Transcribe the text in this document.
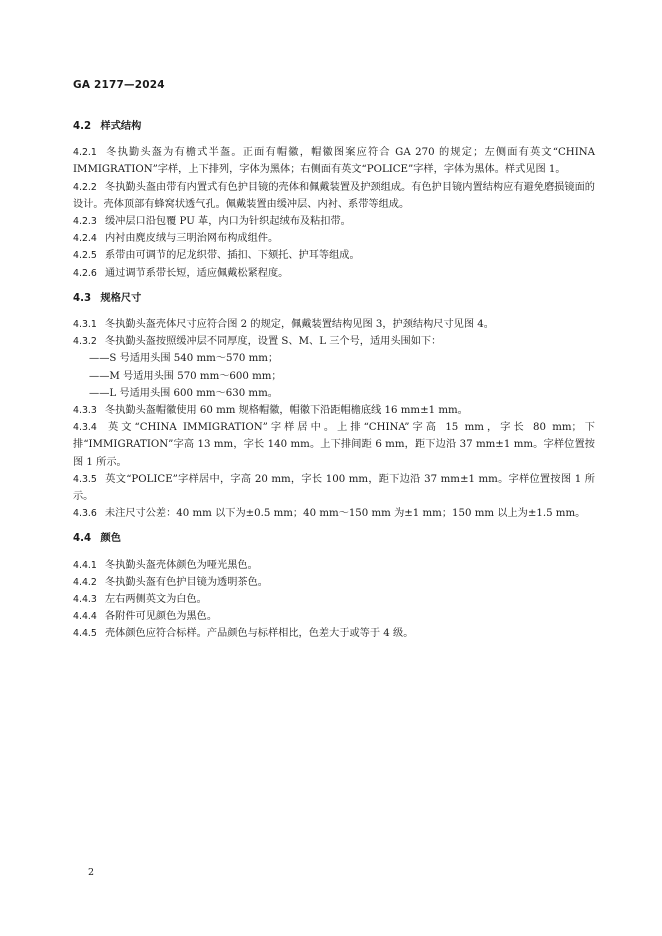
GA 2177—2024
4.2 样式结构

4.2.1 冬执勤头盔为有檐式半盔。正面有帽徽，帽徽图案应符合 GA 270 的规定；左侧面有英文“CHINA IMMIGRATION”字样，上下排列，字体为黑体；右侧面有英文“POLICE”字样，字体为黑体。样式见图 1。

4.2.2 冬执勤头盔由带有内置式有色护目镜的壳体和佩戴装置及护颈组成。有色护目镜内置结构应有避免磨损镜面的设计。壳体顶部有蜂窝状透气孔。佩戴装置由缓冲层、内衬、系带等组成。

4.2.3 缓冲层口沿包覆 PU 革，内口为针织起绒布及粘扣带。

4.2.4 内衬由麂皮绒与三明治网布构成组件。

4.2.5 系带由可调节的尼龙织带、插扣、下颏托、护耳等组成。

4.2.6 通过调节系带长短，适应佩戴松紧程度。

4.3 规格尺寸

4.3.1 冬执勤头盔壳体尺寸应符合图 2 的规定，佩戴装置结构见图 3，护颈结构尺寸见图 4。

4.3.2 冬执勤头盔按照缓冲层不同厚度，设置 S、M、L 三个号，适用头围如下：

——S 号适用头围 540 mm～570 mm；

——M 号适用头围 570 mm～600 mm；

——L 号适用头围 600 mm～630 mm。

4.3.3 冬执勤头盔帽徽使用 60 mm 规格帽徽，帽徽下沿距帽檐底线 16 mm±1 mm。

4.3.4 英文“CHINA IMMIGRATION”字样居中。上排“CHINA”字高 15 mm，字长 80 mm；下排“IMMIGRATION”字高 13 mm，字长 140 mm。上下排间距 6 mm，距下边沿 37 mm±1 mm。字样位置按图 1 所示。

4.3.5 英文“POLICE”字样居中，字高 20 mm，字长 100 mm，距下边沿 37 mm±1 mm。字样位置按图 1 所示。

4.3.6 未注尺寸公差：40 mm 以下为±0.5 mm；40 mm～150 mm 为±1 mm；150 mm 以上为±1.5 mm。

4.4 颜色

4.4.1 冬执勤头盔壳体颜色为哑光黑色。

4.4.2 冬执勤头盔有色护目镜为透明茶色。

4.4.3 左右两侧英文为白色。

4.4.4 各附件可见颜色为黑色。

4.4.5 壳体颜色应符合标样。产品颜色与标样相比，色差大于或等于 4 级。

2
